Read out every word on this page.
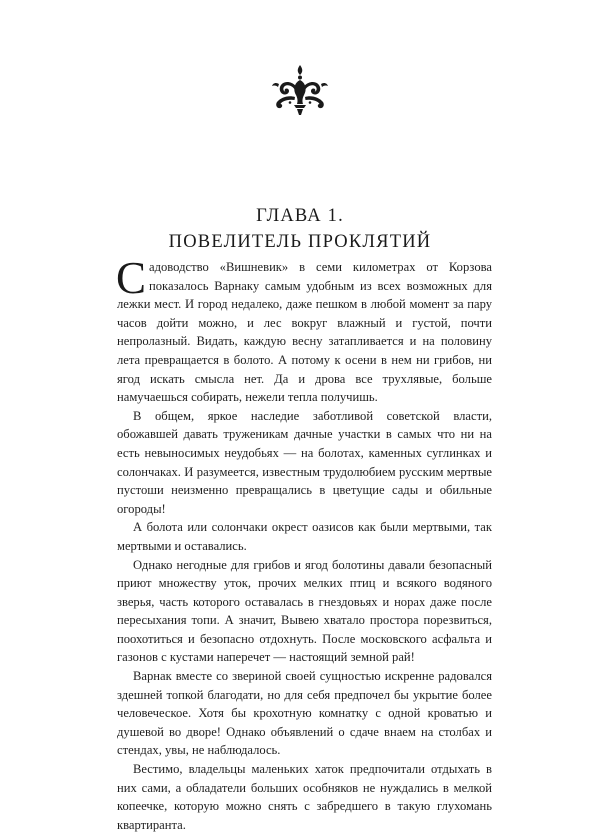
ГЛАВА 1.
ПОВЕЛИТЕЛЬ ПРОКЛЯТИЙ

Садоводство «Вишневик» в семи километрах от Корзова показалось Варнаку самым удобным из всех возможных для лежки мест. И город недалеко, даже пешком в любой момент за пару часов дойти можно, и лес вокруг влажный и густой, почти непролазный. Видать, каждую весну затапливается и на половину лета превращается в болото. А потому к осени в нем ни грибов, ни ягод искать смысла нет. Да и дрова все трухлявые, больше намучаешься собирать, нежели тепла получишь.

В общем, яркое наследие заботливой советской власти, обожавшей давать труженикам дачные участки в самых что ни на есть невыносимых неудобьях — на болотах, каменных суглинках и солончаках. И разумеется, известным трудолюбием русским мертвые пустоши неизменно превращались в цветущие сады и обильные огороды!

А болота или солончаки окрест оазисов как были мертвыми, так мертвыми и оставались.

Однако негодные для грибов и ягод болотины давали безопасный приют множеству уток, прочих мелких птиц и всякого водяного зверья, часть которого оставалась в гнездовьях и норах даже после пересыхания топи. А значит, Вывею хватало простора порезвиться, поохотиться и безопасно отдохнуть. После московского асфальта и газонов с кустами наперечет — настоящий земной рай!

Варнак вместе со звериной своей сущностью искренне радовался здешней топкой благодати, но для себя предпочел бы укрытие более человеческое. Хотя бы крохотную комнатку с одной кроватью и душевой во дворе! Однако объявлений о сдаче внаем на столбах и стендах, увы, не наблюдалось.

Вестимо, владельцы маленьких хаток предпочитали отдыхать в них сами, а обладатели больших особняков не нуждались в мелкой копеечке, которую можно снять с забредшего в такую глухомань квартиранта.
